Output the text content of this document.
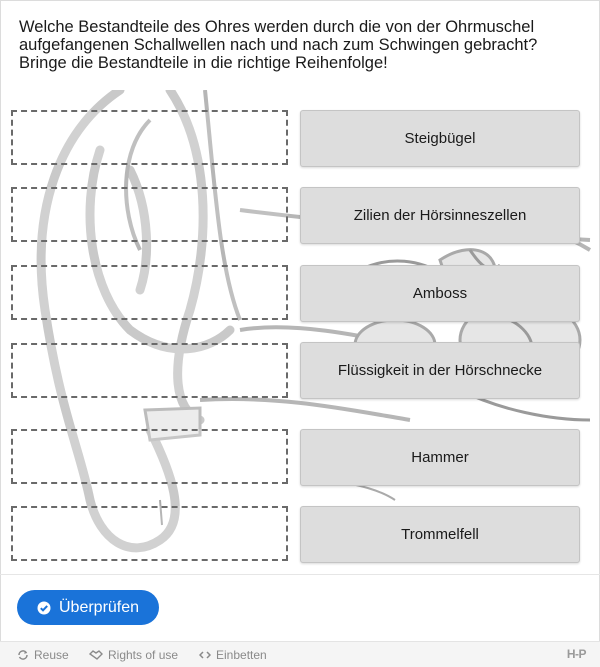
Welche Bestandteile des Ohres werden durch die von der Ohrmuschel aufgefangenen Schallwellen nach und nach zum Schwingen gebracht? Bringe die Bestandteile in die richtige Reihenfolge!
Steigbügel
Zilien der Hörsinneszellen
Amboss
Flüssigkeit in der Hörschnecke
Hammer
Trommelfell
Überprüfen
Reuse	Rights of use	Einbetten	H-P
